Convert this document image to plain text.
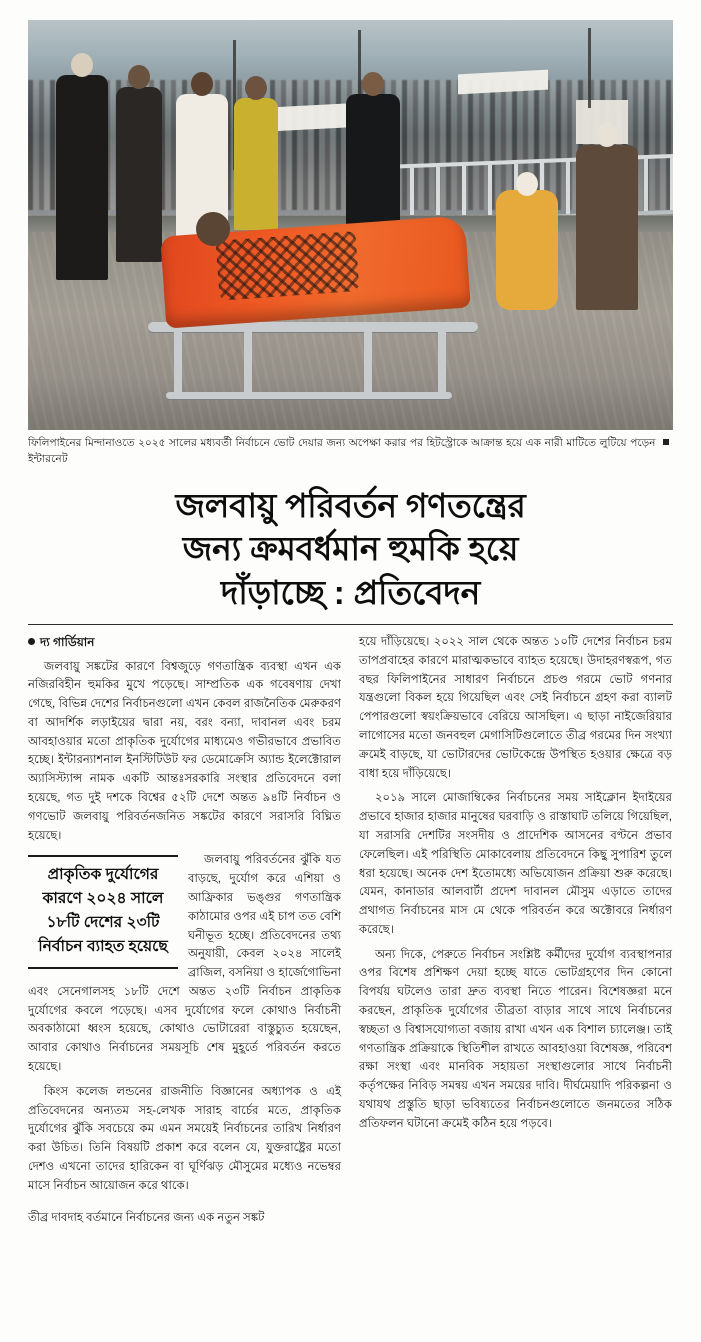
ফিলিপাইনের মিন্দানাওতে ২০২৫ সালের মধ্যবর্তী নির্বাচনে ভোট দেয়ার জন্য অপেক্ষা করার পর হিটস্ট্রোকে আক্রান্ত হয়ে এক নারী মাটিতে লুটিয়ে পড়েন  ইন্টারনেট
জলবায়ু পরিবর্তন গণতন্ত্রের
জন্য ক্রমবর্ধমান হুমকি হয়ে
দাঁড়াচ্ছে : প্রতিবেদন
দ্য গার্ডিয়ান

জলবায়ু সঙ্কটের কারণে বিশ্বজুড়ে গণতান্ত্রিক ব্যবস্থা এখন এক নজিরবিহীন হুমকির মুখে পড়েছে। সাম্প্রতিক এক গবেষণায় দেখা গেছে, বিভিন্ন দেশের নির্বাচনগুলো এখন কেবল রাজনৈতিক মেরুকরণ বা আদর্শিক লড়াইয়ের দ্বারা নয়, বরং বন্যা, দাবানল এবং চরম আবহাওয়ার মতো প্রাকৃতিক দুর্যোগের মাধ্যমেও গভীরভাবে প্রভাবিত হচ্ছে। ইন্টারন্যাশনাল ইনস্টিটিউট ফর ডেমোক্রেসি অ্যান্ড ইলেক্টোরাল অ্যাসিস্ট্যান্স নামক একটি আন্তঃসরকারি সংস্থার প্রতিবেদনে বলা হয়েছে, গত দুই দশকে বিশ্বের ৫২টি দেশে অন্তত ৯৪টি নির্বাচন ও গণভোট জলবায়ু পরিবর্তনজনিত সঙ্কটের কারণে সরাসরি বিঘ্নিত হয়েছে।

প্রাকৃতিক দুর্যোগের কারণে ২০২৪ সালে ১৮টি দেশের ২৩টি নির্বাচন ব্যাহত হয়েছে

জলবায়ু পরিবর্তনের ঝুঁকি যত বাড়ছে, দুর্যোগ করে এশিয়া ও আফ্রিকার ভঙ্গুর গণতান্ত্রিক কাঠামোর ওপর এই চাপ তত বেশি ঘনীভূত হচ্ছে। প্রতিবেদনের তথ্য অনুযায়ী, কেবল ২০২৪ সালেই ব্রাজিল, বসনিয়া ও হার্জেগোভিনা এবং সেনেগালসহ ১৮টি দেশে অন্তত ২৩টি নির্বাচন প্রাকৃতিক দুর্যোগের কবলে পড়েছে। এসব দুর্যোগের ফলে কোথাও নির্বাচনী অবকাঠামো ধ্বংস হয়েছে, কোথাও ভোটারেরা বাস্তুচ্যুত হয়েছেন, আবার কোথাও নির্বাচনের সময়সূচি শেষ মুহূর্তে পরিবর্তন করতে হয়েছে।

কিংস কলেজ লন্ডনের রাজনীতি বিজ্ঞানের অধ্যাপক ও এই প্রতিবেদনের অন্যতম সহ-লেখক সারাহ বার্চের মতে, প্রাকৃতিক দুর্যোগের ঝুঁকি সবচেয়ে কম এমন সময়েই নির্বাচনের তারিখ নির্ধারণ করা উচিত। তিনি বিষয়টি প্রকাশ করে বলেন যে, যুক্তরাষ্ট্রের মতো দেশও এখনো তাদের হারিকেন বা ঘূর্ণিঝড় মৌসুমের মধ্যেও নভেম্বর মাসে নির্বাচন আয়োজন করে থাকে।

হয়ে দাঁড়িয়েছে। ২০২২ সাল থেকে অন্তত ১০টি দেশের নির্বাচন চরম তাপপ্রবাহের কারণে মারাত্মকভাবে ব্যাহত হয়েছে। উদাহরণস্বরূপ, গত বছর ফিলিপাইনের সাধারণ নির্বাচনে প্রচণ্ড গরমে ভোট গণনার যন্ত্রগুলো বিকল হয়ে গিয়েছিল এবং সেই নির্বাচনে গ্রহণ করা ব্যালট পেপারগুলো স্বয়ংক্রিয়ভাবে বেরিয়ে আসছিল। এ ছাড়া নাইজেরিয়ার লাগোসের মতো জনবহুল মেগাসিটিগুলোতে তীব্র গরমের দিন সংখ্যা ক্রমেই বাড়ছে, যা ভোটারদের ভোটকেন্দ্রে উপস্থিত হওয়ার ক্ষেত্রে বড় বাধা হয়ে দাঁড়িয়েছে।

২০১৯ সালে মোজাম্বিকের নির্বাচনের সময় সাইক্লোন ইদাইয়ের প্রভাবে হাজার হাজার মানুষের ঘরবাড়ি ও রাস্তাঘাট তলিয়ে গিয়েছিল, যা সরাসরি দেশটির সংসদীয় ও প্রাদেশিক আসনের বণ্টনে প্রভাব ফেলেছিল। এই পরিস্থিতি মোকাবেলায় প্রতিবেদনে কিছু সুপারিশ তুলে ধরা হয়েছে। অনেক দেশ ইতোমধ্যে অভিযোজন প্রক্রিয়া শুরু করেছে। যেমন, কানাডার আলবার্টা প্রদেশ দাবানল মৌসুম এড়াতে তাদের প্রথাগত নির্বাচনের মাস মে থেকে পরিবর্তন করে অক্টোবরে নির্ধারণ করেছে।

অন্য দিকে, পেরুতে নির্বাচন সংশ্লিষ্ট কর্মীদের দুর্যোগ ব্যবস্থাপনার ওপর বিশেষ প্রশিক্ষণ দেয়া হচ্ছে যাতে ভোটগ্রহণের দিন কোনো বিপর্যয় ঘটলেও তারা দ্রুত ব্যবস্থা নিতে পারেন। বিশেষজ্ঞরা মনে করছেন, প্রাকৃতিক দুর্যোগের তীব্রতা বাড়ার সাথে সাথে নির্বাচনের স্বচ্ছতা ও বিশ্বাসযোগ্যতা বজায় রাখা এখন এক বিশাল চ্যালেঞ্জ। তাই গণতান্ত্রিক প্রক্রিয়াকে স্থিতিশীল রাখতে আবহাওয়া বিশেষজ্ঞ, পরিবেশ রক্ষা সংস্থা এবং মানবিক সহায়তা সংস্থাগুলোর সাথে নির্বাচনী কর্তৃপক্ষের নিবিড় সমন্বয় এখন সময়ের দাবি। দীর্ঘমেয়াদি পরিকল্পনা ও যথাযথ প্রস্তুতি ছাড়া ভবিষ্যতের নির্বাচনগুলোতে জনমতের সঠিক প্রতিফলন ঘটানো ক্রমেই কঠিন হয়ে পড়বে।

তীব্র দাবদাহ বর্তমানে নির্বাচনের জন্য এক নতুন সঙ্কট
